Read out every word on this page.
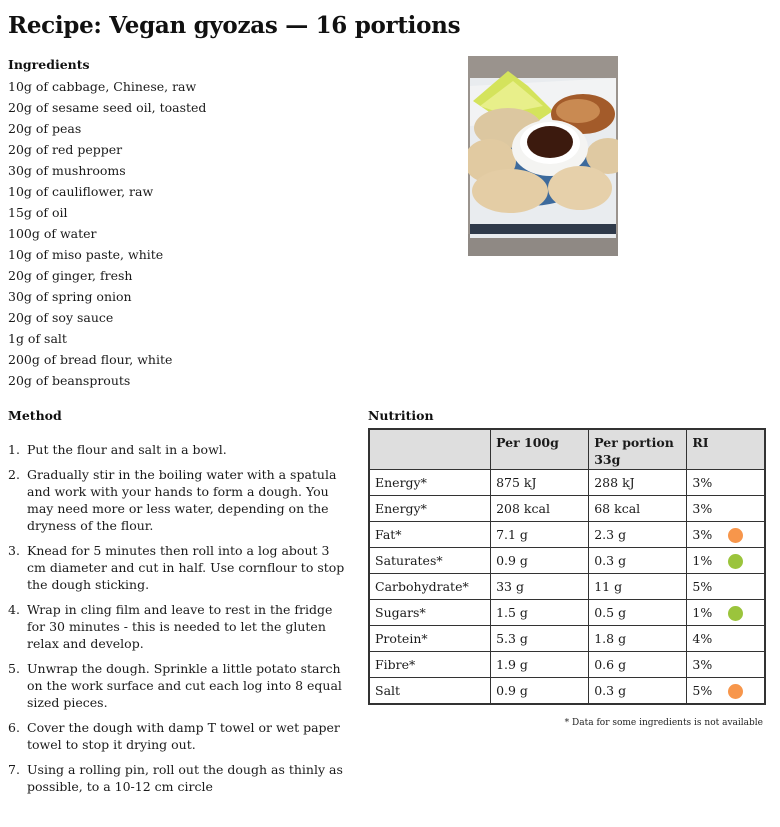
Recipe: Vegan gyozas — 16 portions
Ingredients
10g of cabbage, Chinese, raw
20g of sesame seed oil, toasted
20g of peas
20g of red pepper
30g of mushrooms
10g of cauliflower, raw
15g of oil
100g of water
10g of miso paste, white
20g of ginger, fresh
30g of spring onion
20g of soy sauce
1g of salt
200g of bread flour, white
20g of beansprouts
Method
1. Put the flour and salt in a bowl.
2. Gradually stir in the boiling water with a spatula and work with your hands to form a dough. You may need more or less water, depending on the dryness of the flour.
3. Knead for 5 minutes then roll into a log about 3 cm diameter and cut in half. Use cornflour to stop the dough sticking.
4. Wrap in cling film and leave to rest in the fridge for 30 minutes - this is needed to let the gluten relax and develop.
5. Unwrap the dough. Sprinkle a little potato starch on the work surface and cut each log into 8 equal sized pieces.
6. Cover the dough with damp T towel or wet paper towel to stop it drying out.
7. Using a rolling pin, roll out the dough as thinly as possible, to a 10-12 cm circle
Nutrition
	Per 100g	Per portion 33g	RI
Energy*	875 kJ	288 kJ	3%
Energy*	208 kcal	68 kcal	3%
Fat*	7.1 g	2.3 g	3%

Saturates*	0.9 g	0.3 g	1%

Carbohydrate*	33 g	11 g	5%
Sugars*	1.5 g	0.5 g	1%

Protein*	5.3 g	1.8 g	4%
Fibre*	1.9 g	0.6 g	3%
Salt	0.9 g	0.3 g	5%
* Data for some ingredients is not available
